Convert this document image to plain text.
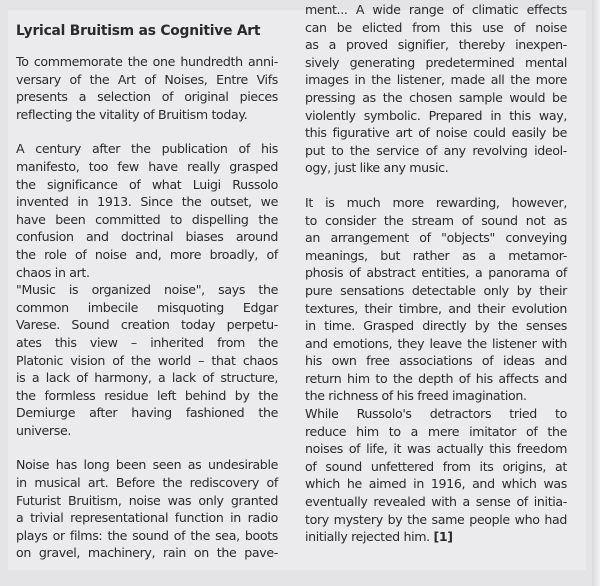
Lyrical Bruitism as Cognitive Art
To commemorate the one hundredth anni-
versary of the Art of Noises, Entre Vifs
presents a selection of original pieces
reflecting the vitality of Bruitism today.
A century after the publication of his
manifesto, too few have really grasped
the significance of what Luigi Russolo
invented in 1913. Since the outset, we
have been committed to dispelling the
confusion and doctrinal biases around
the role of noise and, more broadly, of
chaos in art.
"Music is organized noise", says the
common imbecile misquoting Edgar
Varese. Sound creation today perpetu-
ates this view – inherited from the
Platonic vision of the world – that chaos
is a lack of harmony, a lack of structure,
the formless residue left behind by the
Demiurge after having fashioned the
universe.
Noise has long been seen as undesirable
in musical art. Before the rediscovery of
Futurist Bruitism, noise was only granted
a trivial representational function in radio
plays or films: the sound of the sea, boots
on gravel, machinery, rain on the pave-
ment... A wide range of climatic effects
can be elicted from this use of noise
as a proved signifier, thereby inexpen-
sively generating predetermined mental
images in the listener, made all the more
pressing as the chosen sample would be
violently symbolic. Prepared in this way,
this figurative art of noise could easily be
put to the service of any revolving ideol-
ogy, just like any music.
It is much more rewarding, however,
to consider the stream of sound not as
an arrangement of "objects" conveying
meanings, but rather as a metamor-
phosis of abstract entities, a panorama of
pure sensations detectable only by their
textures, their timbre, and their evolution
in time. Grasped directly by the senses
and emotions, they leave the listener with
his own free associations of ideas and
return him to the depth of his affects and
the richness of his freed imagination.
While Russolo's detractors tried to
reduce him to a mere imitator of the
noises of life, it was actually this freedom
of sound unfettered from its origins, at
which he aimed in 1916, and which was
eventually revealed with a sense of initia-
tory mystery by the same people who had
initially rejected him. [1]
